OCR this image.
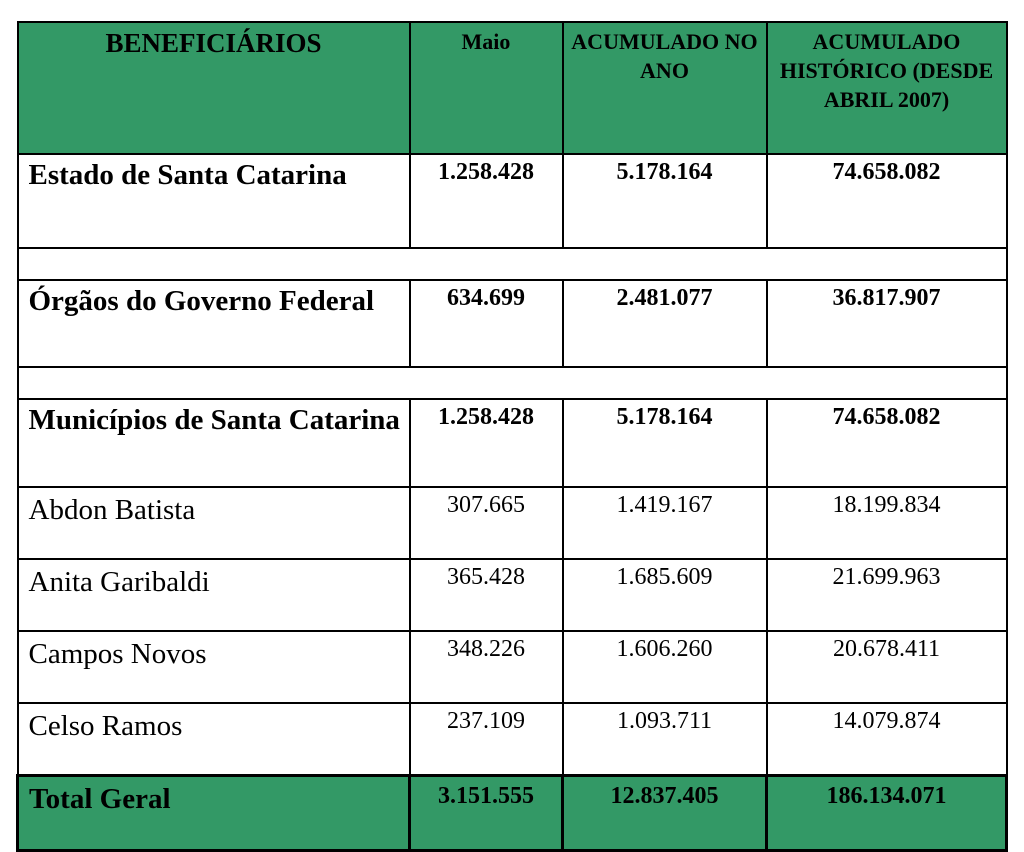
BENEFICIÁRIOS	Maio	ACUMULADO NO ANO	ACUMULADO HISTÓRICO (DESDE ABRIL 2007)
Estado de Santa Catarina	1.258.428	5.178.164	74.658.082

Órgãos do Governo Federal	634.699	2.481.077	36.817.907

Municípios de Santa Catarina	1.258.428	5.178.164	74.658.082
Abdon Batista	307.665	1.419.167	18.199.834
Anita Garibaldi	365.428	1.685.609	21.699.963
Campos Novos	348.226	1.606.260	20.678.411
Celso Ramos	237.109	1.093.711	14.079.874
Total Geral	3.151.555	12.837.405	186.134.071
